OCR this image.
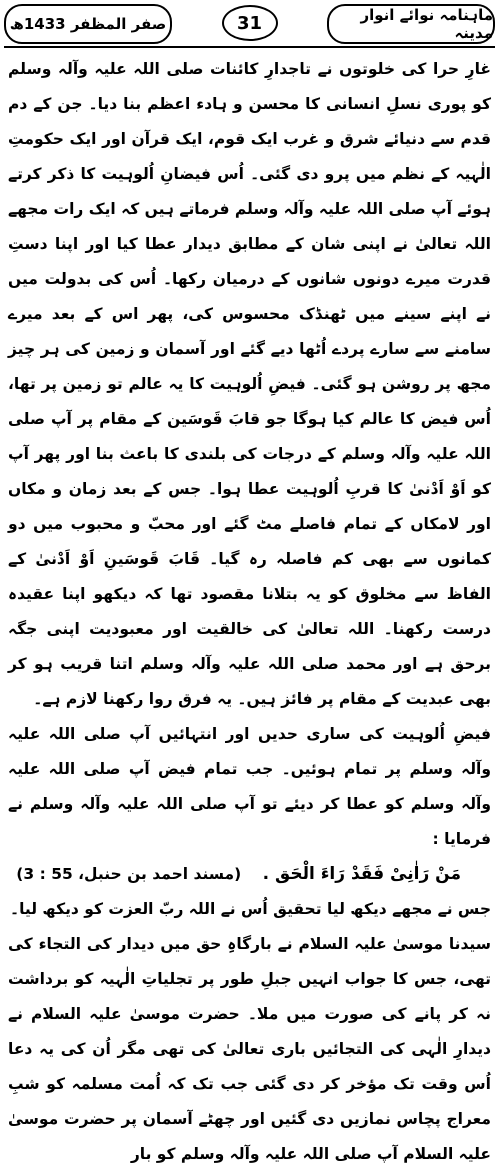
ماہنامہ نوائے انوار مدینہ
31
صفر المظفر 1433ھ

غارِ حرا کی خلوتوں نے تاجدارِ کائنات صلی اللہ علیہ وآلہ وسلم کو پوری نسلِ انسانی کا محسن و ہادء اعظم بنا دیا۔ جن کے دم قدم سے دنیائے شرق و غرب ایک قوم، ایک قرآن اور ایک حکومتِ الٰہیہ کے نظم میں پرو دی گئی۔ اُس فیضانِ اُلوہیت کا ذکر کرتے ہوئے آپ صلی اللہ علیہ وآلہ وسلم فرماتے ہیں کہ ایک رات مجھے اللہ تعالیٰ نے اپنی شان کے مطابق دیدار عطا کیا اور اپنا دستِ قدرت میرے دونوں شانوں کے درمیان رکھا۔ اُس کی بدولت میں نے اپنے سینے میں ٹھنڈک محسوس کی، پھر اس کے بعد میرے سامنے سے سارے پردے اُٹھا دیے گئے اور آسمان و زمین کی ہر چیز مجھ پر روشن ہو گئی۔ فیضِ اُلوہیت کا یہ عالم تو زمین پر تھا، اُس فیض کا عالم کیا ہوگا جو قابَ قَوسَین کے مقام پر آپ صلی اللہ علیہ وآلہ وسلم کے درجات کی بلندی کا باعث بنا اور پھر آپ کو اَوْ اَدْنیٰ کا قربِ اُلوہیت عطا ہوا۔ جس کے بعد زمان و مکاں اور لامکاں کے تمام فاصلے مٹ گئے اور محبّ و محبوب میں دو کمانوں سے بھی کم فاصلہ رہ گیا۔ قَابَ قَوسَینِ اَوْ اَدْنیٰ کے الفاظ سے مخلوق کو یہ بتلانا مقصود تھا کہ دیکھو اپنا عقیدہ درست رکھنا۔ اللہ تعالیٰ کی خالقیت اور معبودیت اپنی جگہ برحق ہے اور محمد صلی اللہ علیہ وآلہ وسلم اتنا قریب ہو کر بھی عبدیت کے مقام پر فائز ہیں۔ یہ فرق روا رکھنا لازم ہے۔

فیضِ اُلوہیت کی ساری حدیں اور انتہائیں آپ صلی اللہ علیہ وآلہ وسلم پر تمام ہوئیں۔ جب تمام فیض آپ صلی اللہ علیہ وآلہ وسلم کو عطا کر دیئے تو آپ صلی اللہ علیہ وآلہ وسلم نے فرمایا :

مَنْ رَاٰنِیْ فَقَدْ رَاءَ الْحَق . (مسند احمد بن حنبل، 55 : 3)

جس نے مجھے دیکھ لیا تحقیق اُس نے اللہ ربّ العزت کو دیکھ لیا۔

سیدنا موسیٰ علیہ السلام نے بارگاہِ حق میں دیدار کی التجاء کی تھی، جس کا جواب انہیں جبلِ طور پر تجلیاتِ الٰہیہ کو برداشت نہ کر پانے کی صورت میں ملا۔ حضرت موسیٰ علیہ السلام نے دیدارِ الٰہی کی التجائیں باری تعالیٰ کی تھی مگر اُن کی یہ دعا اُس وقت تک مؤخر کر دی گئی جب تک کہ اُمت مسلمہ کو شبِ معراج پچاس نمازیں دی گئیں اور چھٹے آسمان پر حضرت موسیٰ علیہ السلام آپ صلی اللہ علیہ وآلہ وسلم کو بار
